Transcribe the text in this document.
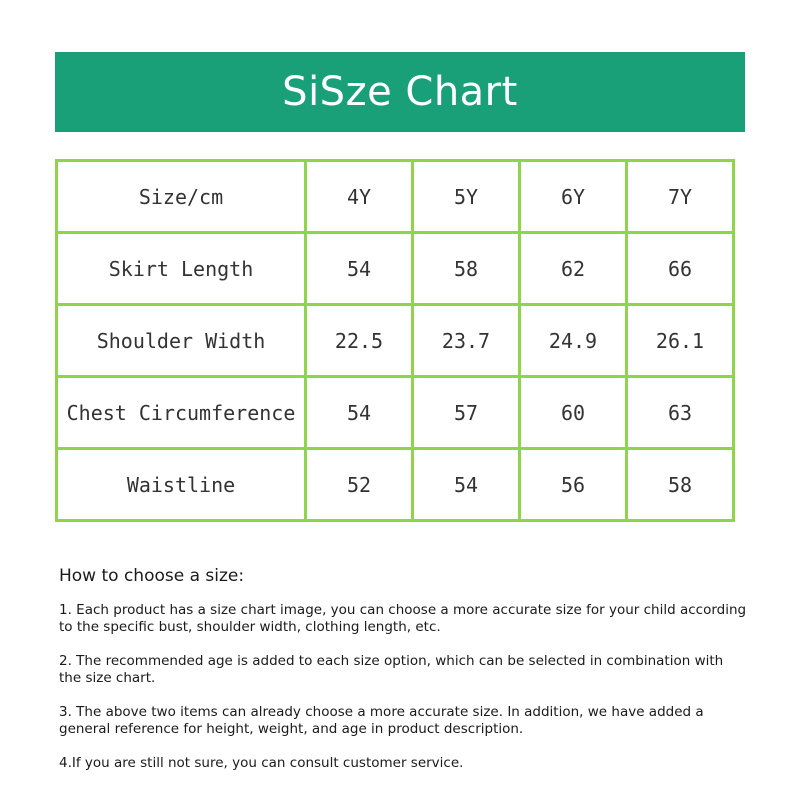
SiSze Chart
Size/cm	4Y	5Y	6Y	7Y
Skirt Length	54	58	62	66
Shoulder Width	22.5	23.7	24.9	26.1
Chest Circumference	54	57	60	63
Waistline	52	54	56	58

How to choose a size:

1. Each product has a size chart image, you can choose a more accurate size for your child according to the specific bust, shoulder width, clothing length, etc.

2. The recommended age is added to each size option, which can be selected in combination with the size chart.

3. The above two items can already choose a more accurate size. In addition, we have added a general reference for height, weight, and age in product description.

4.If you are still not sure, you can consult customer service.
